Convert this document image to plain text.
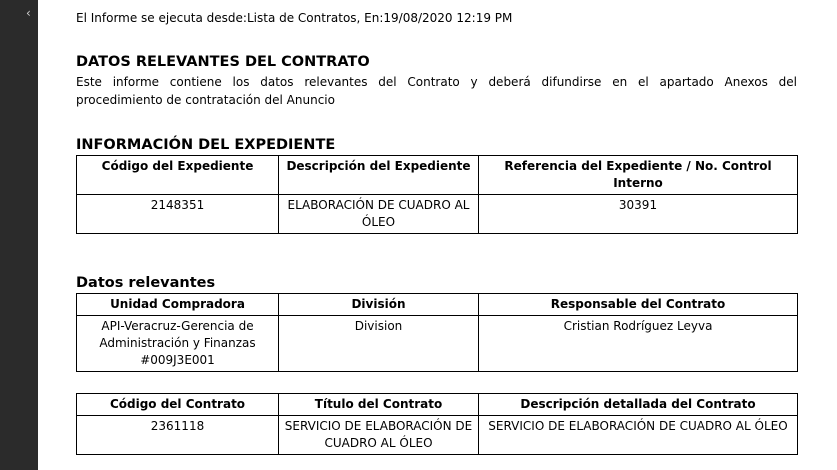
‹	El Informe se ejecuta desde:Lista de Contratos, En:19/08/2020 12:19 PM
DATOS RELEVANTES DEL CONTRATO
Este informe contiene los datos relevantes del Contrato y deberá difundirse en el apartado Anexos del
procedimiento de contratación del Anuncio
INFORMACIÓN DEL EXPEDIENTE
Código del Expediente	Descripción del Expediente	Referencia del Expediente / No. Control Interno
2148351	ELABORACIÓN DE CUADRO AL ÓLEO	30391
Datos relevantes
Unidad Compradora	División	Responsable del Contrato
API-Veracruz-Gerencia de Administración y Finanzas #009J3E001	Division	Cristian Rodríguez Leyva
Código del Contrato	Título del Contrato	Descripción detallada del Contrato
2361118	SERVICIO DE ELABORACIÓN DE CUADRO AL ÓLEO	SERVICIO DE ELABORACIÓN DE CUADRO AL ÓLEO
